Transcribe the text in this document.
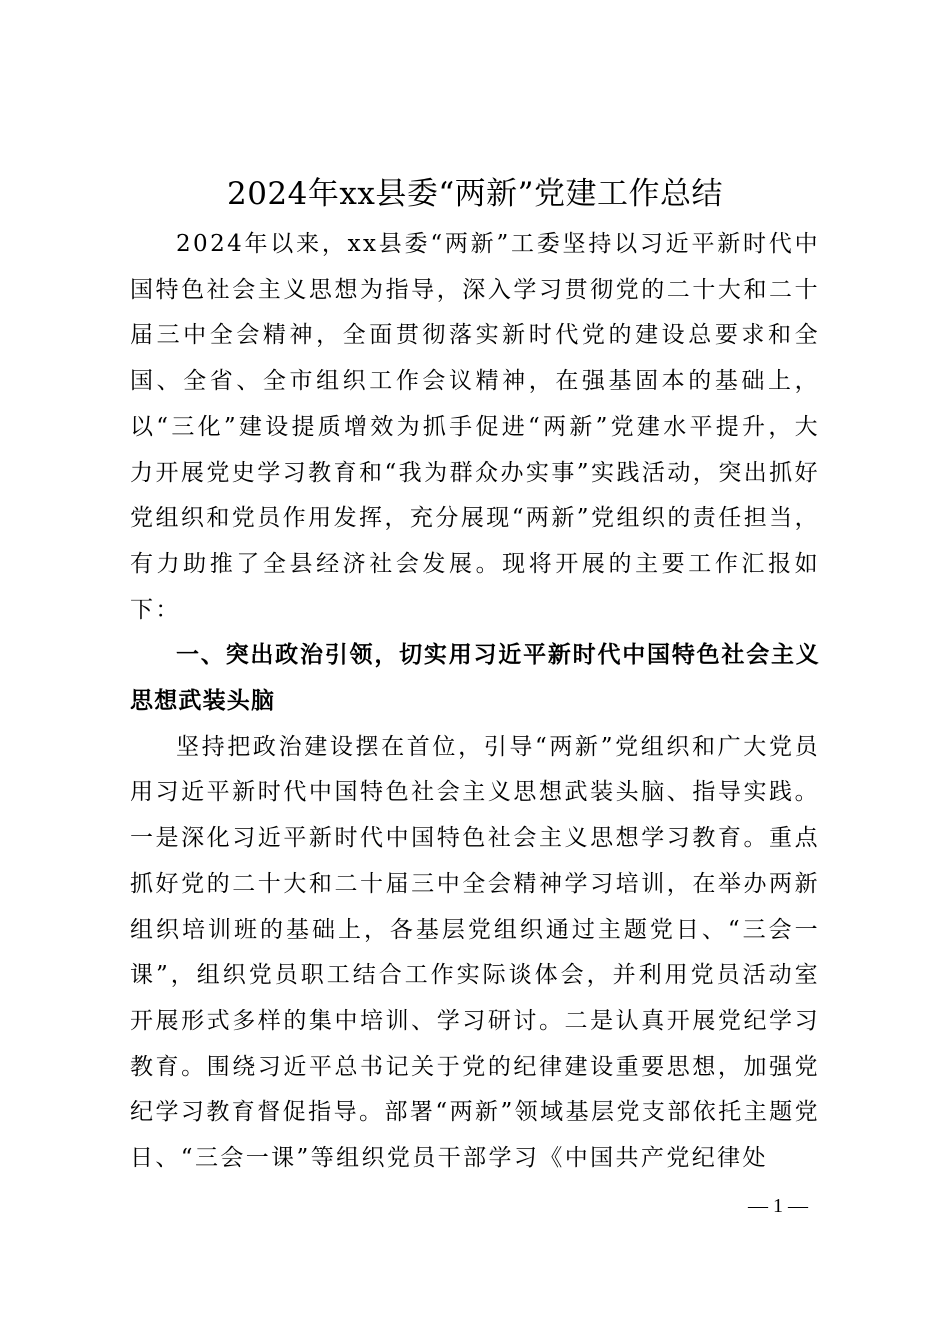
2024年xx县委“两新”党建工作总结

2024年以来，xx县委“两新”工委坚持以习近平新时代中国特色社会主义思想为指导，深入学习贯彻党的二十大和二十届三中全会精神，全面贯彻落实新时代党的建设总要求和全国、全省、全市组织工作会议精神，在强基固本的基础上，以“三化”建设提质增效为抓手促进“两新”党建水平提升，大力开展党史学习教育和“我为群众办实事”实践活动，突出抓好党组织和党员作用发挥，充分展现“两新”党组织的责任担当，有力助推了全县经济社会发展。现将开展的主要工作汇报如下：

一、突出政治引领，切实用习近平新时代中国特色社会主义思想武装头脑

坚持把政治建设摆在首位，引导“两新”党组织和广大党员用习近平新时代中国特色社会主义思想武装头脑、指导实践。一是深化习近平新时代中国特色社会主义思想学习教育。重点抓好党的二十大和二十届三中全会精神学习培训，在举办两新组织培训班的基础上，各基层党组织通过主题党日、“三会一课”，组织党员职工结合工作实际谈体会，并利用党员活动室开展形式多样的集中培训、学习研讨。二是认真开展党纪学习教育。围绕习近平总书记关于党的纪律建设重要思想，加强党纪学习教育督促指导。部署“两新”领域基层党支部依托主题党日、“三会一课”等组织党员干部学习《中国共产党纪律处

— 1 —
